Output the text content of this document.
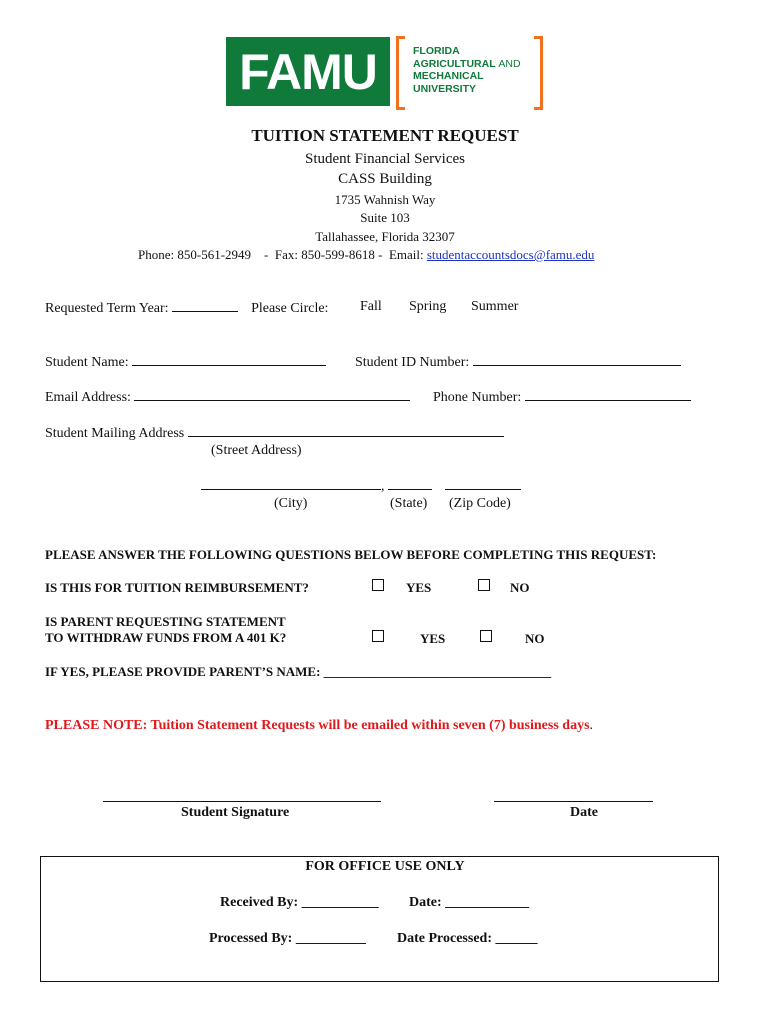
FAMU	FLORIDA
AGRICULTURAL AND
MECHANICAL
UNIVERSITY
TUITION STATEMENT REQUEST
Student Financial Services
CASS Building
1735 Wahnish Way
Suite 103
Tallahassee, Florida 32307
Phone: 850-561-2949    -  Fax: 850-599-8618 -  Email: studentaccountsdocs@famu.edu
Requested Term Year:	Please Circle: Fall Spring Summer
Student Name:	Student ID Number:
Email Address:	Phone Number:
Student Mailing Address
(Street Address)
,
(City)	(State) (Zip Code)
PLEASE ANSWER THE FOLLOWING QUESTIONS BELOW BEFORE COMPLETING THIS REQUEST:
IS THIS FOR TUITION REIMBURSEMENT?	YES	NO
IS PARENT REQUESTING STATEMENT
TO WITHDRAW FUNDS FROM A 401 K?	YES	NO
IF YES, PLEASE PROVIDE PARENT’S NAME: ___________________________________
PLEASE NOTE: Tuition Statement Requests will be emailed within seven (7) business days.
Student Signature	Date
FOR OFFICE USE ONLY
Received By: ___________ Date: ____________
Processed By: __________ Date Processed: ______
